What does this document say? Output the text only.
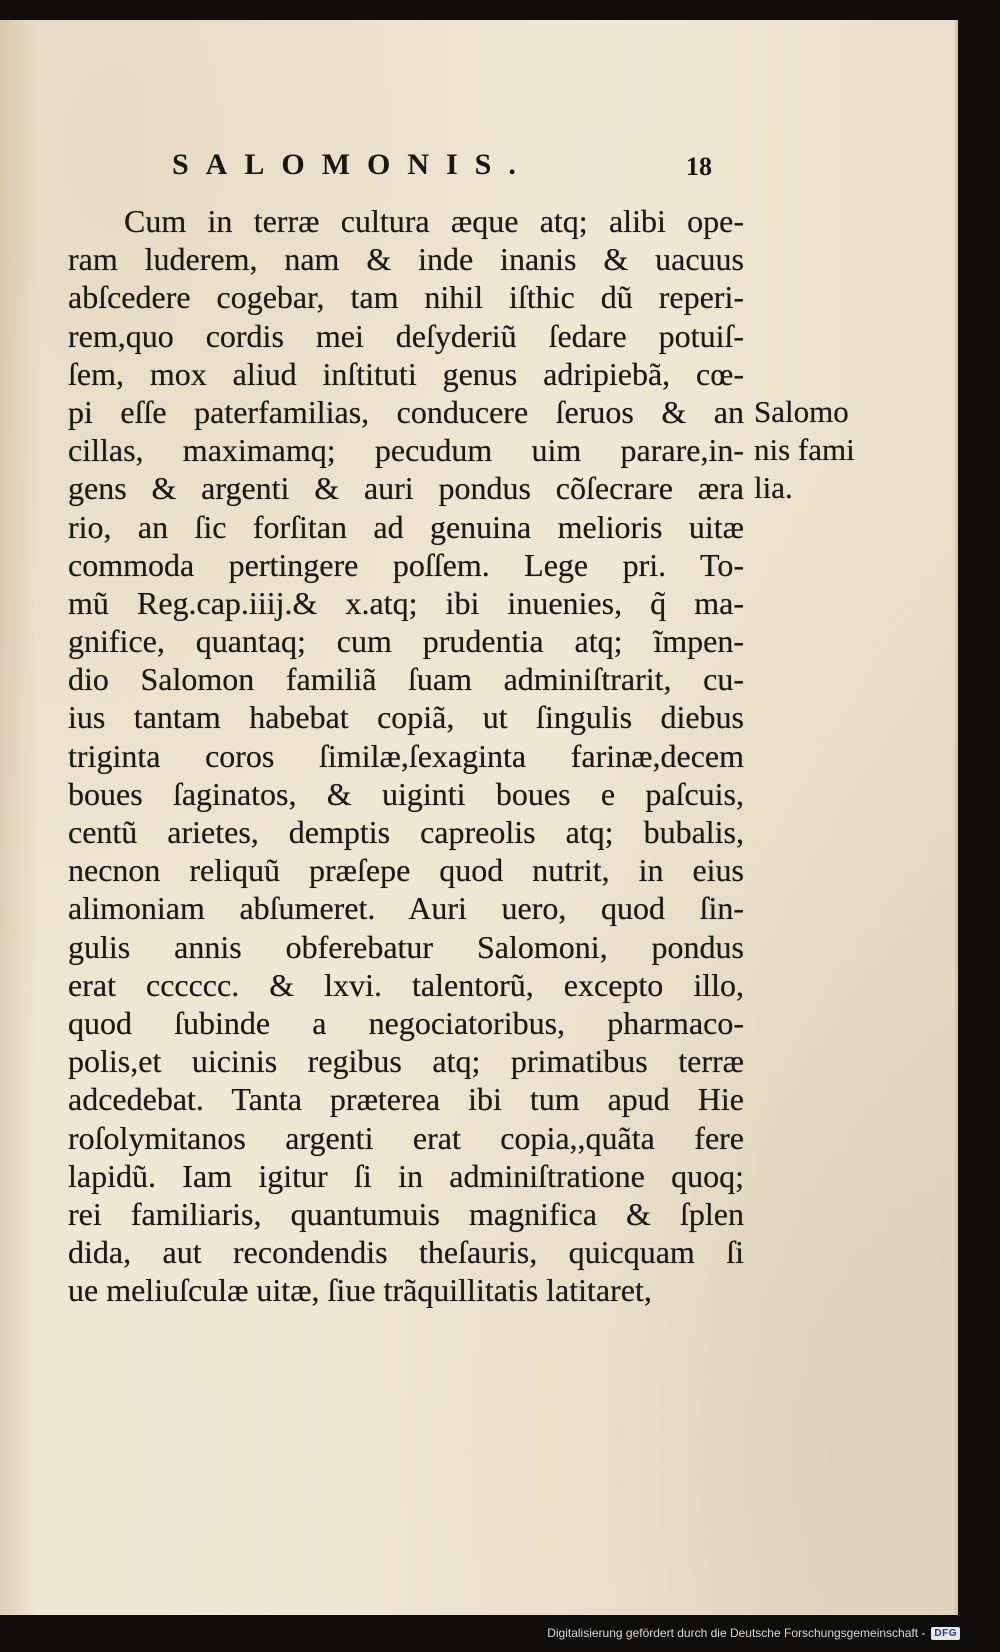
SALOMONIS.	18
Cum in terræ cultura æque atq; alibi ope-
ram luderem, nam & inde inanis & uacuus
abſcedere cogebar, tam nihil iſthic dũ reperi-
rem,quo cordis mei deſyderiũ ſedare potuiſ-
ſem, mox aliud inſtituti genus adripiebã, cœ-
pi eſſe paterfamilias, conducere ſeruos & an
cillas, maximamq; pecudum uim parare,in-
gens & argenti & auri pondus cõſecrare æra
rio, an ſic forſitan ad genuina melioris uitæ
commoda pertingere poſſem. Lege pri. To-
mũ Reg.cap.iiij.& x.atq; ibi inuenies, q̃ ma-
gnifice, quantaq; cum prudentia atq; ĩmpen-
dio Salomon familiã ſuam adminiſtrarit, cu-
ius tantam habebat copiã, ut ſingulis diebus
triginta coros ſimilæ,ſexaginta farinæ,decem
boues ſaginatos, & uiginti boues e paſcuis,
centũ arietes, demptis capreolis atq; bubalis,
necnon reliquũ præſepe quod nutrit, in eius
alimoniam abſumeret. Auri uero, quod ſin-
gulis annis obferebatur Salomoni, pondus
erat cccccc. & lxvi. talentorũ, excepto illo,
quod ſubinde a negociatoribus, pharmaco-
polis,et uicinis regibus atq; primatibus terræ
adcedebat. Tanta præterea ibi tum apud Hie
roſolymitanos argenti erat copia,,quãta fere
lapidũ. Iam igitur ſi in adminiſtratione quoq;
rei familiaris, quantumuis magnifica & ſplen
dida, aut recondendis theſauris, quicquam ſi
ue meliuſculæ uitæ, ſiue trãquillitatis latitaret,
Salomo
nis fami
lia.
Digitalisierung gefördert durch die Deutsche Forschungsgemeinschaft - DFG
